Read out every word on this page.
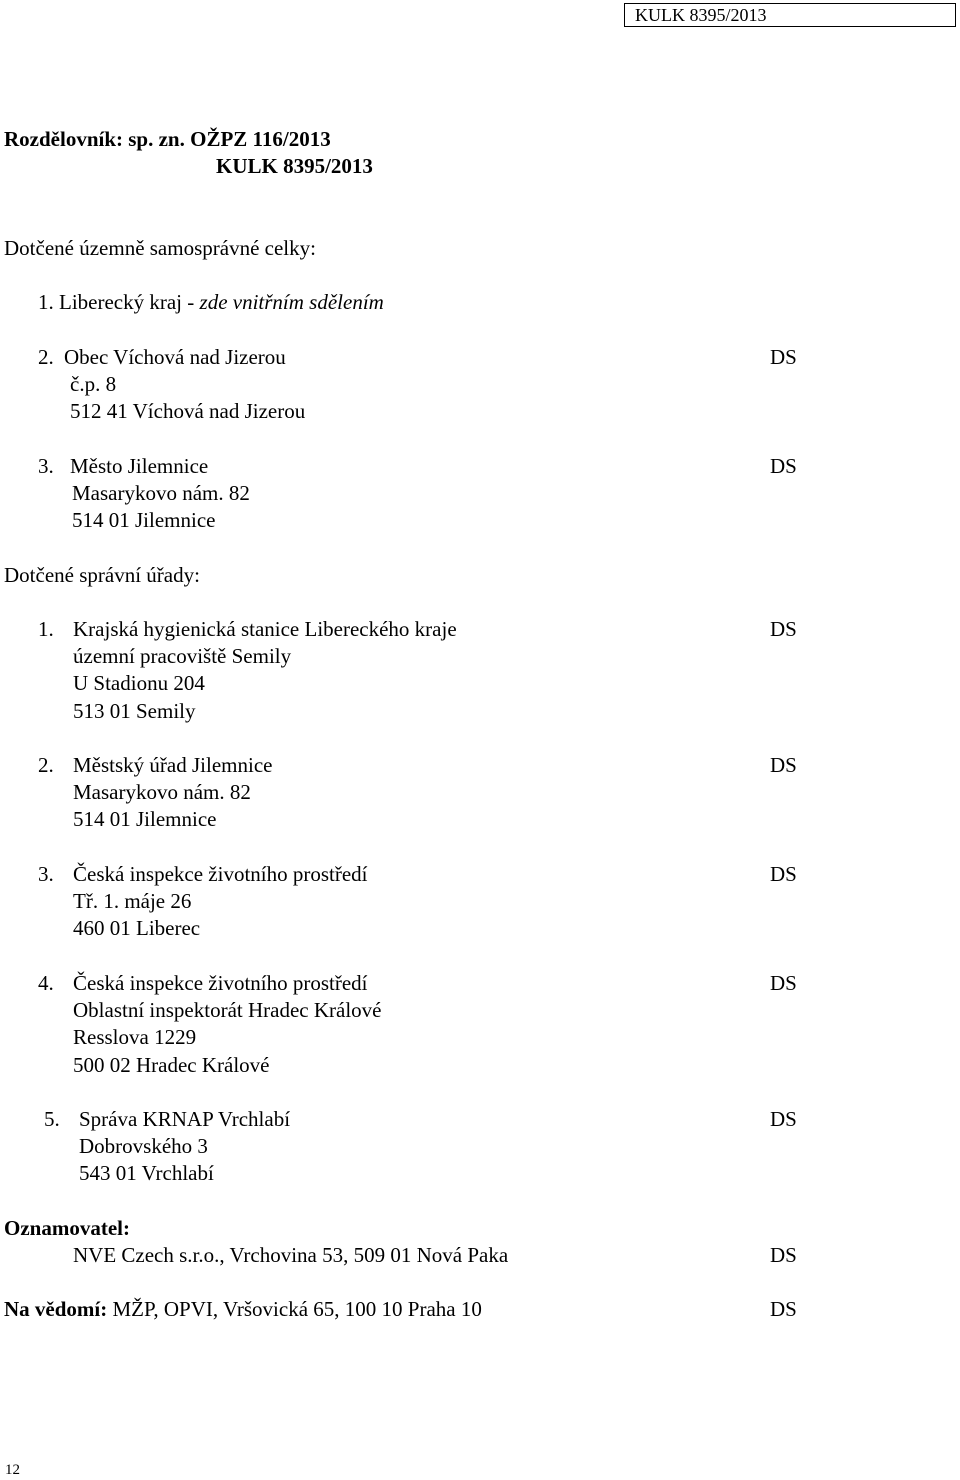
KULK 8395/2013
Rozdělovník: sp. zn. OŽPZ 116/2013
KULK 8395/2013
Dotčené územně samosprávné celky:
1. Liberecký kraj - zde vnitřním sdělením
2. Obec Víchová nad Jizerou
č.p. 8
512 41 Víchová nad Jizerou
DS
3. Město Jilemnice
Masarykovo nám. 82
514 01 Jilemnice
DS
Dotčené správní úřady:
1. Krajská hygienická stanice Libereckého kraje
územní pracoviště Semily
U Stadionu 204
513 01 Semily
DS
2. Městský úřad Jilemnice
Masarykovo nám. 82
514 01 Jilemnice
DS
3. Česká inspekce životního prostředí
Tř. 1. máje 26
460 01 Liberec
DS
4. Česká inspekce životního prostředí
Oblastní inspektorát Hradec Králové
Resslova 1229
500 02 Hradec Králové
DS
5. Správa KRNAP Vrchlabí
Dobrovského 3
543 01 Vrchlabí
DS
Oznamovatel:
NVE Czech s.r.o., Vrchovina 53, 509 01 Nová Paka	DS
Na vědomí: MŽP, OPVI, Vršovická 65, 100 10 Praha 10	DS
12
